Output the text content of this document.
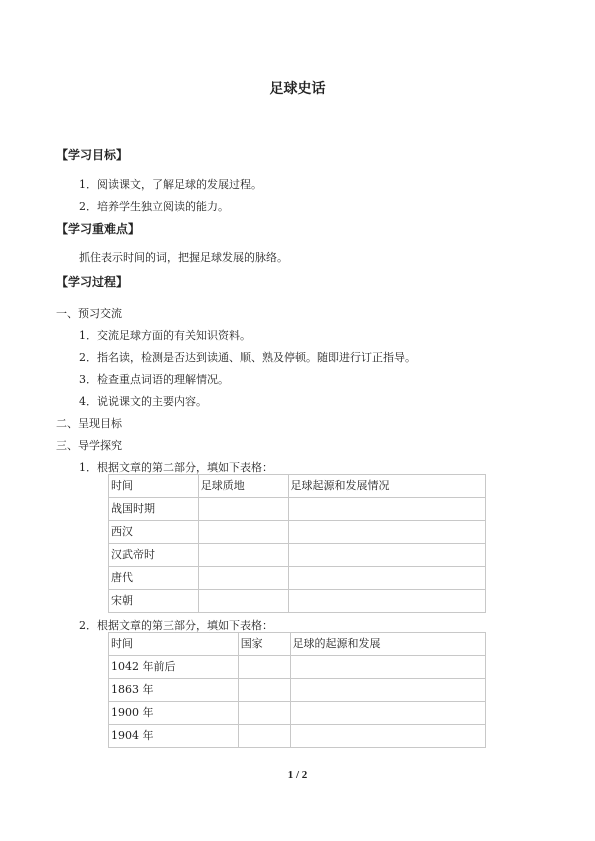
足球史话
【学习目标】
1．阅读课文，了解足球的发展过程。
2．培养学生独立阅读的能力。
【学习重难点】
抓住表示时间的词，把握足球发展的脉络。
【学习过程】
一、预习交流
1．交流足球方面的有关知识资料。
2．指名读，检测是否达到读通、顺、熟及停顿。随即进行订正指导。
3．检查重点词语的理解情况。
4．说说课文的主要内容。
二、呈现目标
三、导学探究
1．根据文章的第二部分，填如下表格：
时间	足球质地	足球起源和发展情况
战国时期		
西汉		
汉武帝时		
唐代		
宋朝		
2．根据文章的第三部分，填如下表格：
时间	国家	足球的起源和发展
1042 年前后		
1863 年		
1900 年		
1904 年		
1 / 2
